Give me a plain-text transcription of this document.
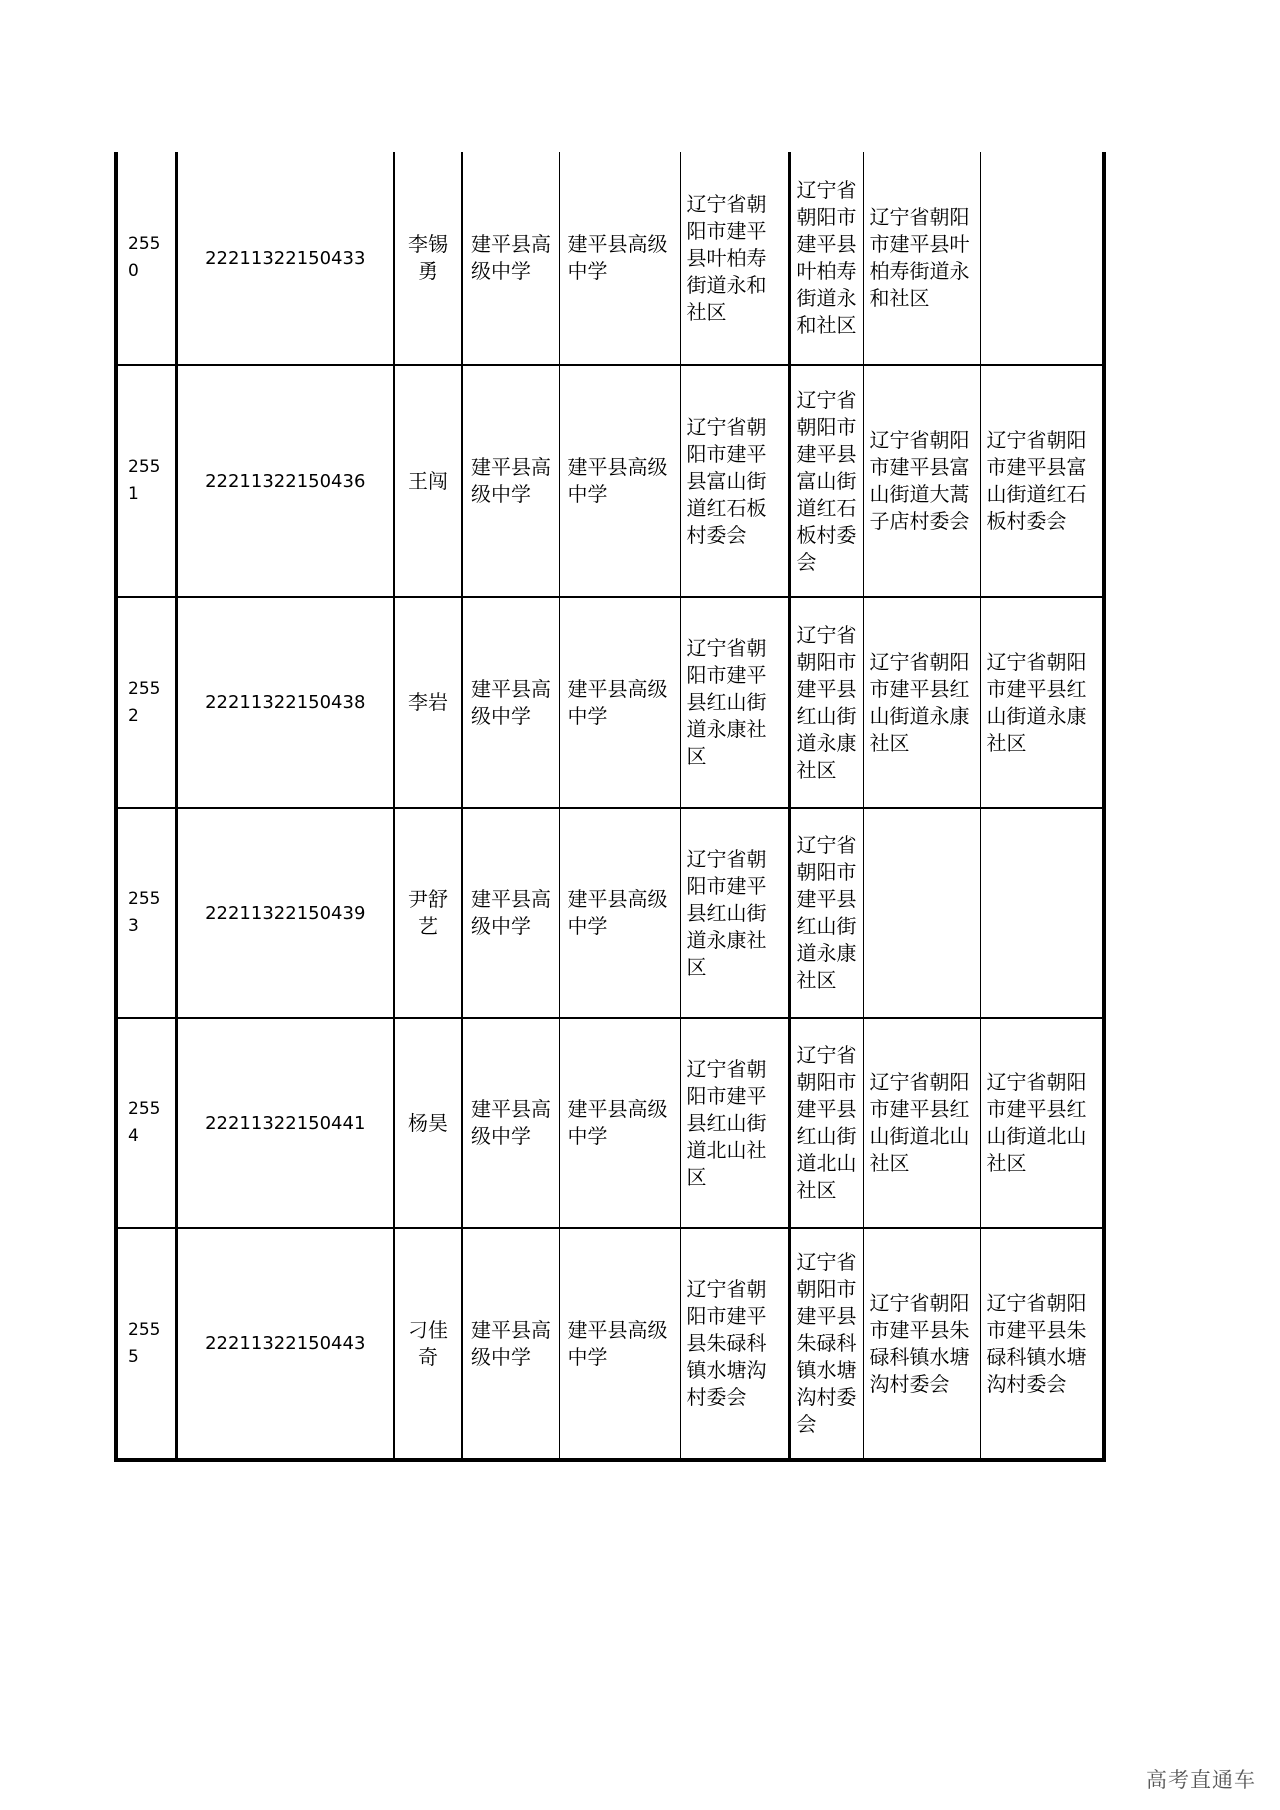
2550	22211322150433	李锡勇	建平县高级中学	建平县高级中学	辽宁省朝阳市建平县叶柏寿街道永和社区	辽宁省朝阳市建平县叶柏寿街道永和社区	辽宁省朝阳市建平县叶柏寿街道永和社区	
2551	22211322150436	王闯	建平县高级中学	建平县高级中学	辽宁省朝阳市建平县富山街道红石板村委会	辽宁省朝阳市建平县富山街道红石板村委会	辽宁省朝阳市建平县富山街道大蒿子店村委会	辽宁省朝阳市建平县富山街道红石板村委会
2552	22211322150438	李岩	建平县高级中学	建平县高级中学	辽宁省朝阳市建平县红山街道永康社区	辽宁省朝阳市建平县红山街道永康社区	辽宁省朝阳市建平县红山街道永康社区	辽宁省朝阳市建平县红山街道永康社区
2553	22211322150439	尹舒艺	建平县高级中学	建平县高级中学	辽宁省朝阳市建平县红山街道永康社区	辽宁省朝阳市建平县红山街道永康社区		
2554	22211322150441	杨昊	建平县高级中学	建平县高级中学	辽宁省朝阳市建平县红山街道北山社区	辽宁省朝阳市建平县红山街道北山社区	辽宁省朝阳市建平县红山街道北山社区	辽宁省朝阳市建平县红山街道北山社区
2555	22211322150443	刁佳奇	建平县高级中学	建平县高级中学	辽宁省朝阳市建平县朱碌科镇水塘沟村委会	辽宁省朝阳市建平县朱碌科镇水塘沟村委会	辽宁省朝阳市建平县朱碌科镇水塘沟村委会	辽宁省朝阳市建平县朱碌科镇水塘沟村委会
高考直通车
